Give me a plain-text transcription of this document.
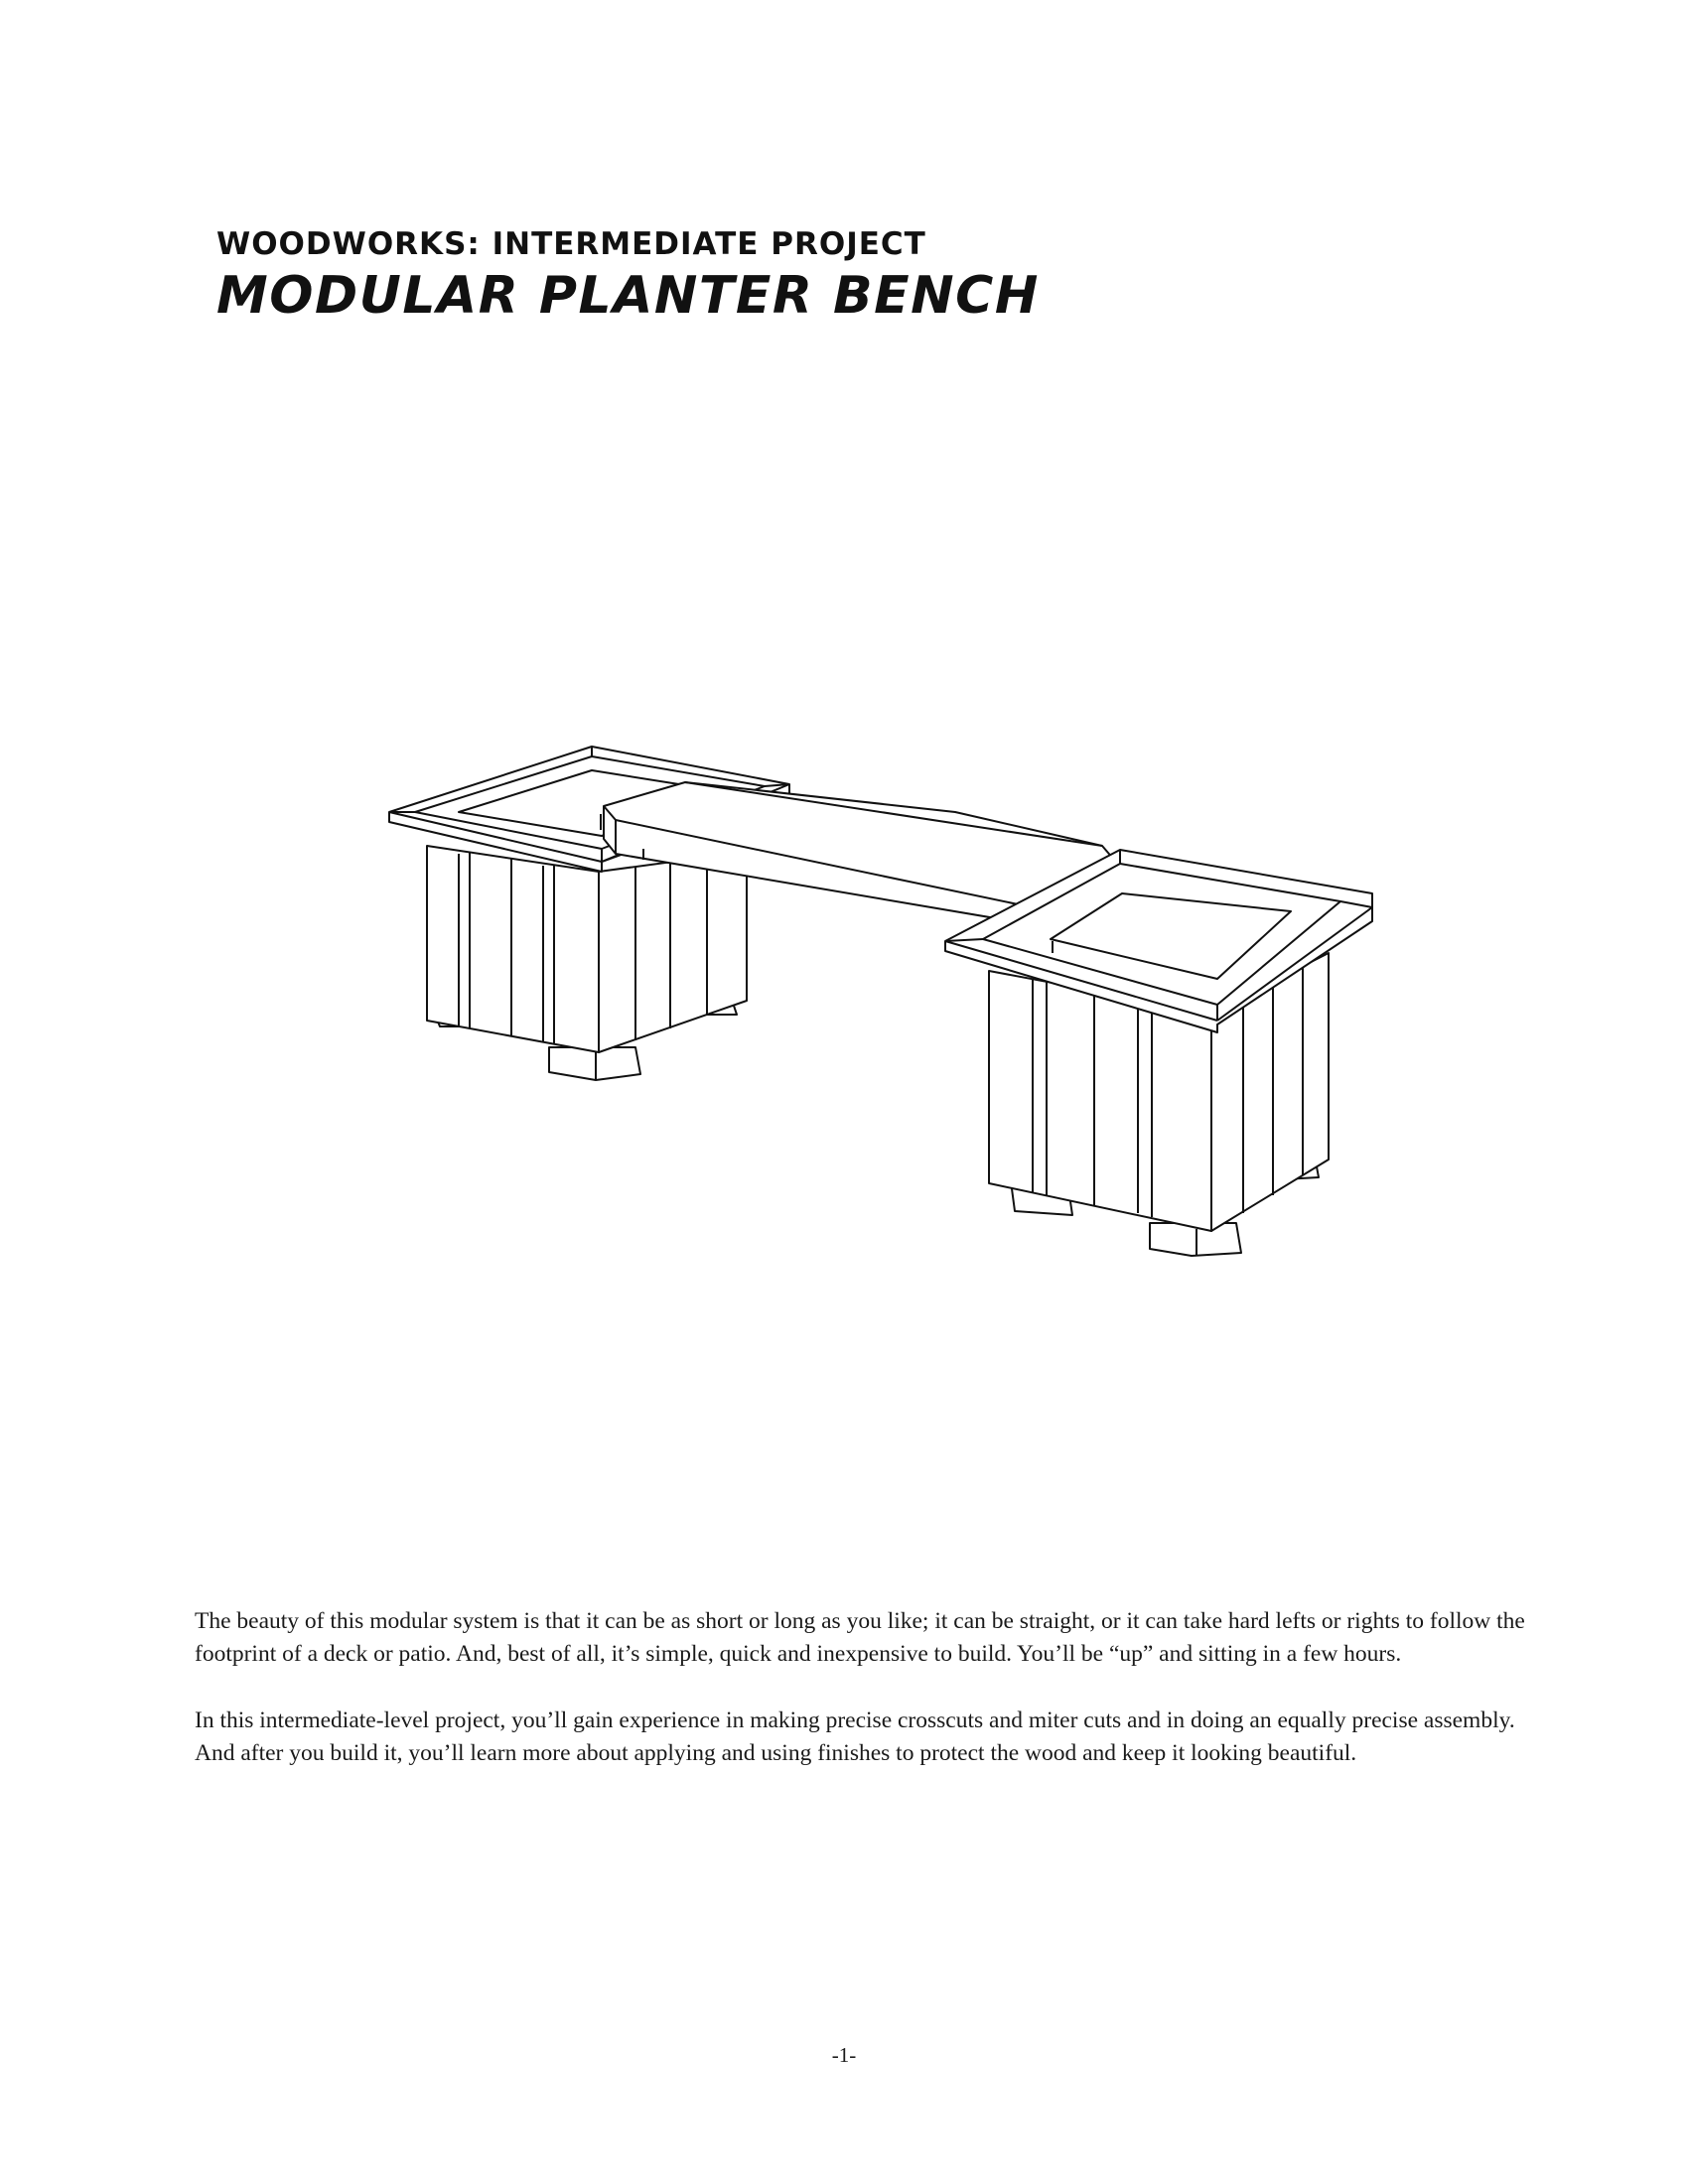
WOODWORKS: INTERMEDIATE PROJECT
MODULAR PLANTER BENCH

The beauty of this modular system is that it can be as short or long as you like; it can be straight, or it can take hard lefts or rights to follow the footprint of a deck or patio. And, best of all, it’s simple, quick and inexpensive to build. You’ll be “up” and sitting in a few hours.

In this intermediate-level project, you’ll gain experience in making precise crosscuts and miter cuts and in doing an equally precise assembly. And after you build it, you’ll learn more about applying and using finishes to protect the wood and keep it looking beautiful.

-1-
